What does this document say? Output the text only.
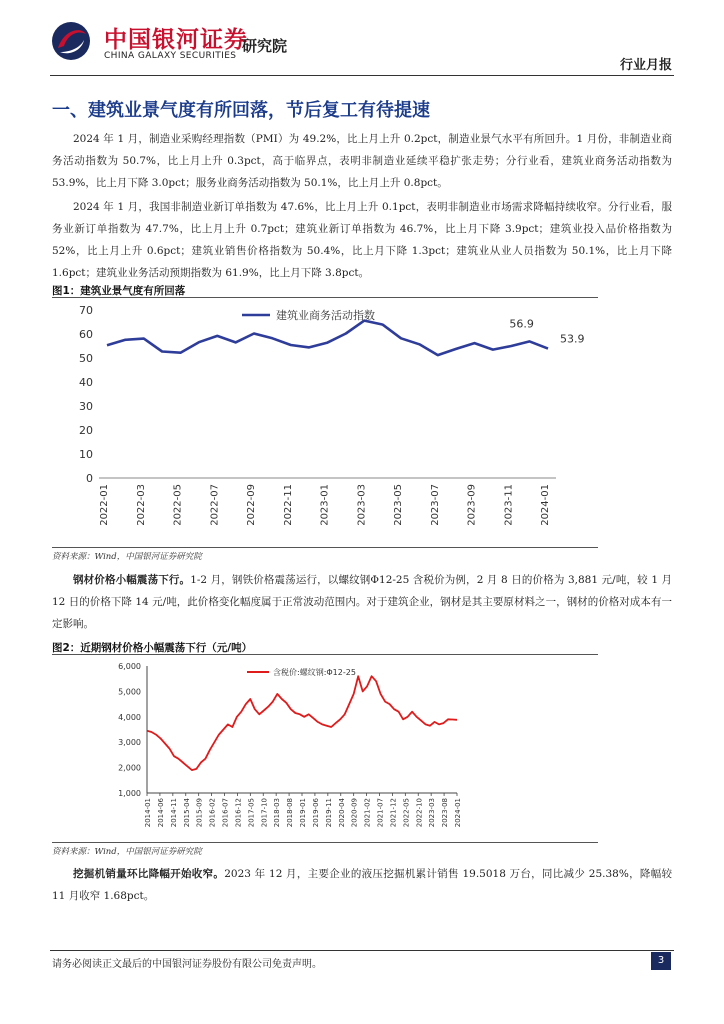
中国银河证券
CHINA GALAXY SECURITIES
研究院
行业月报
一、建筑业景气度有所回落，节后复工有待提速

2024 年 1 月，制造业采购经理指数（PMI）为 49.2%，比上月上升 0.2pct，制造业景气水平有所回升。1 月份，非制造业商务活动指数为 50.7%，比上月上升 0.3pct，高于临界点，表明非制造业延续平稳扩张走势；分行业看，建筑业商务活动指数为 53.9%，比上月下降 3.0pct；服务业商务活动指数为 50.1%，比上月上升 0.8pct。

2024 年 1 月，我国非制造业新订单指数为 47.6%，比上月上升 0.1pct，表明非制造业市场需求降幅持续收窄。分行业看，服务业新订单指数为 47.7%，比上月上升 0.7pct；建筑业新订单指数为 46.7%，比上月下降 3.9pct；建筑业投入品价格指数为 52%，比上月上升 0.6pct；建筑业销售价格指数为 50.4%，比上月下降 1.3pct；建筑业从业人员指数为 50.1%，比上月下降 1.6pct；建筑业业务活动预期指数为 61.9%，比上月下降 3.8pct。

图1：建筑业景气度有所回落
0
10
20
30
40
50
60
70
2022-01	2022-03	2022-05	2022-07	2022-09	2022-11	2023-01	2023-03	2023-05	2023-07	2023-09	2023-11	2024-01
建筑业商务活动指数
56.9
53.9
资料来源：Wind，中国银河证券研究院

钢材价格小幅震荡下行。1-2 月，钢铁价格震荡运行，以螺纹钢Φ12-25 含税价为例，2 月 8 日的价格为 3,881 元/吨，较 1 月 12 日的价格下降 14 元/吨，此价格变化幅度属于正常波动范围内。对于建筑企业，钢材是其主要原材料之一，钢材的价格对成本有一定影响。

图2：近期钢材价格小幅震荡下行（元/吨）
1,000
2,000
3,000
4,000
5,000
6,000
2014-01 2014-06 2014-11 2015-04 2015-09 2016-02 2016-07 2016-12 2017-05 2017-10 2018-03 2018-08 2019-01 2019-06 2019-11 2020-04 2020-09 2021-02 2021-07 2021-12 2022-05 2022-10 2023-03 2023-08 2024-01
含税价:螺纹钢:Φ12-25
资料来源：Wind，中国银河证券研究院

挖掘机销量环比降幅开始收窄。2023 年 12 月，主要企业的液压挖掘机累计销售 19.5018 万台，同比减少 25.38%，降幅较 11 月收窄 1.68pct。

请务必阅读正文最后的中国银河证券股份有限公司免责声明。	3
